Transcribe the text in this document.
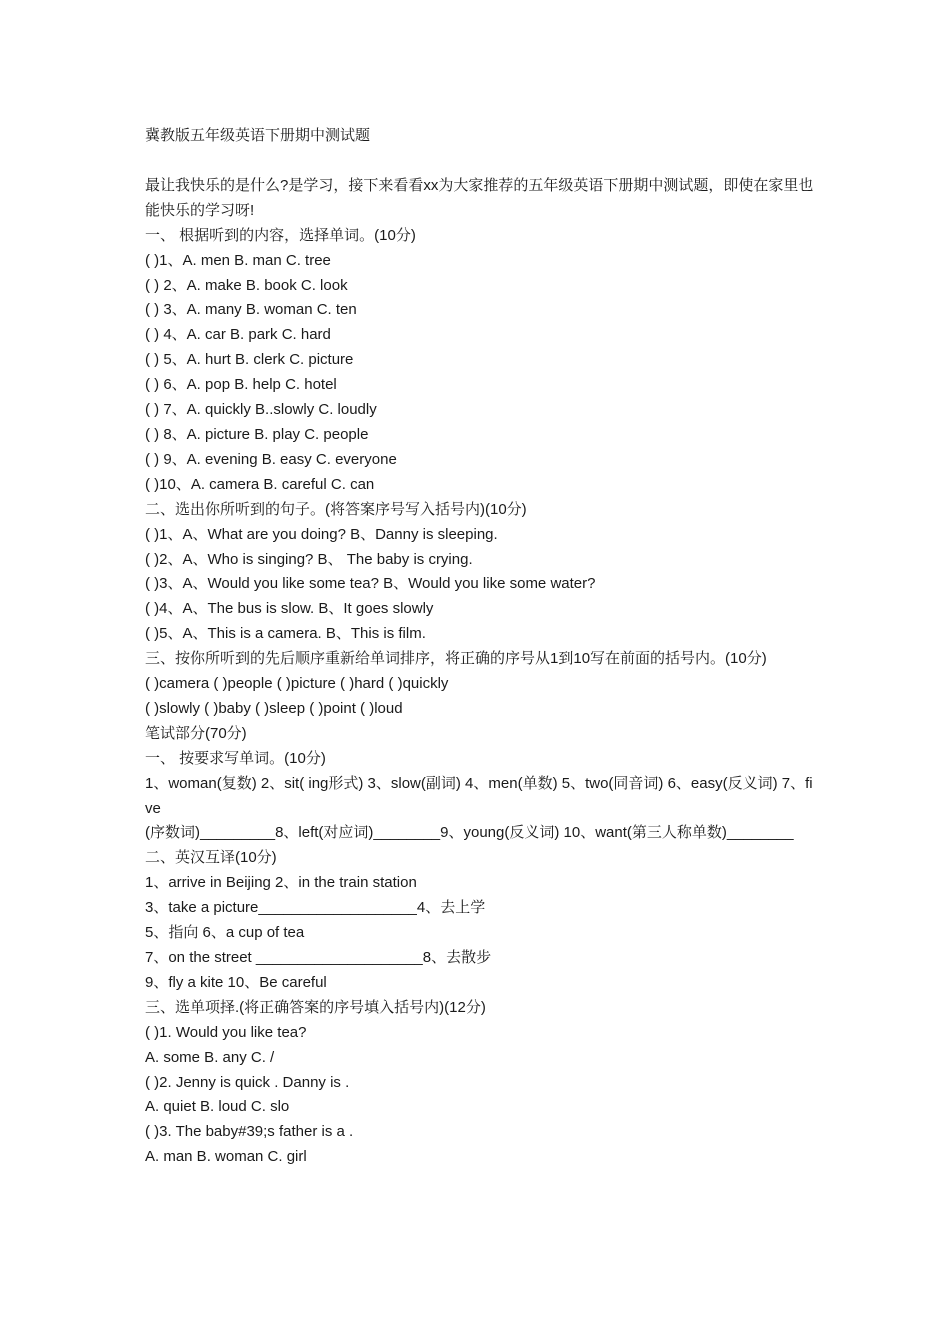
冀教版五年级英语下册期中测试题
最让我快乐的是什么?是学习，接下来看看xx为大家推荐的五年级英语下册期中测试题，即使在家里也能快乐的学习呀!
一、 根据听到的内容，选择单词。(10分)
( )1、A. men B. man C. tree
( ) 2、A. make B. book C. look
( ) 3、A. many B. woman C. ten
( ) 4、A. car B. park C. hard
( ) 5、A. hurt B. clerk C. picture
( ) 6、A. pop B. help C. hotel
( ) 7、A. quickly B..slowly C. loudly
( ) 8、A. picture B. play C. people
( ) 9、A. evening B. easy C. everyone
( )10、A. camera B. careful C. can
二、选出你所听到的句子。(将答案序号写入括号内)(10分)
( )1、A、What are you doing? B、Danny is sleeping.
( )2、A、Who is singing? B、 The baby is crying.
( )3、A、Would you like some tea? B、Would you like some water?
( )4、A、The bus is slow. B、It goes slowly
( )5、A、This is a camera. B、This is film.
三、按你所听到的先后顺序重新给单词排序，将正确的序号从1到10写在前面的括号内。(10分)
( )camera ( )people ( )picture ( )hard ( )quickly
( )slowly ( )baby ( )sleep ( )point ( )loud
笔试部分(70分)
一、 按要求写单词。(10分)
1、woman(复数) 2、sit( ing形式) 3、slow(副词) 4、men(单数) 5、two(同音词) 6、easy(反义词) 7、five
(序数词)_________8、left(对应词)________9、young(反义词) 10、want(第三人称单数)________
二、英汉互译(10分)
1、arrive in Beijing 2、in the train station
3、take a picture___________________4、去上学
5、指向 6、a cup of tea
7、on the street ____________________8、去散步
9、fly a kite 10、Be careful
三、选单项择.(将正确答案的序号填入括号内)(12分)
( )1. Would you like tea?
A. some B. any C. /
( )2. Jenny is quick . Danny is .
A. quiet B. loud C. slo
( )3. The baby#39;s father is a .
A. man B. woman C. girl
